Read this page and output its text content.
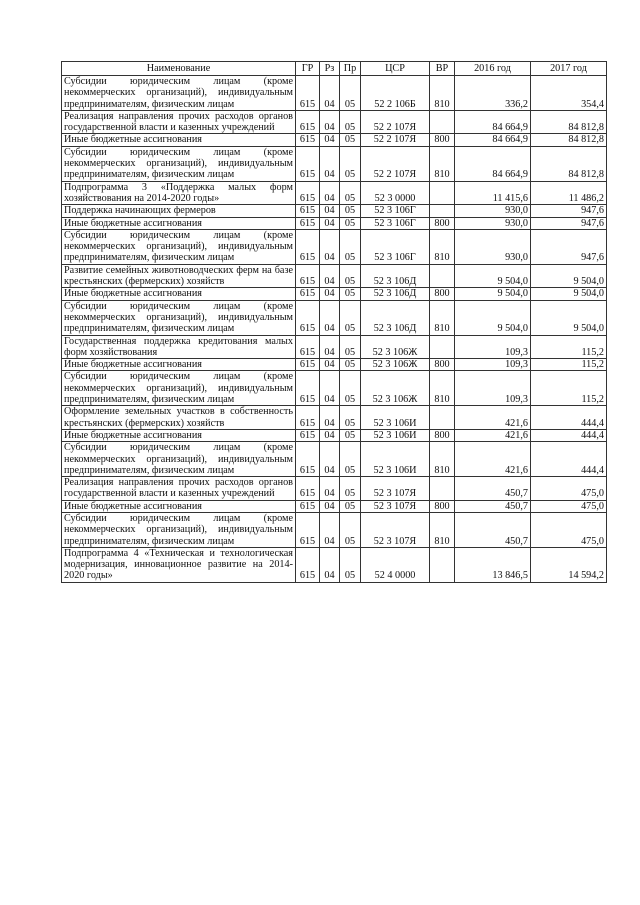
Наименование	ГР	Рз	Пр	ЦСР	ВР	2016 год	2017 год
Субсидии юридическим лицам (кроме некоммерческих организаций), индивидуальным предпринимателям, физическим лицам	615	04	05	52 2 106Б	810	336,2	354,4
Реализация направления прочих расходов органов государственной власти и казенных учреждений	615	04	05	52 2 107Я		84 664,9	84 812,8
Иные бюджетные ассигнования	615	04	05	52 2 107Я	800	84 664,9	84 812,8
Субсидии юридическим лицам (кроме некоммерческих организаций), индивидуальным предпринимателям, физическим лицам	615	04	05	52 2 107Я	810	84 664,9	84 812,8
Подпрограмма 3 «Поддержка малых форм хозяйствования на 2014-2020 годы»	615	04	05	52 3 0000		11 415,6	11 486,2
Поддержка начинающих фермеров	615	04	05	52 3 106Г		930,0	947,6
Иные бюджетные ассигнования	615	04	05	52 3 106Г	800	930,0	947,6
Субсидии юридическим лицам (кроме некоммерческих организаций), индивидуальным предпринимателям, физическим лицам	615	04	05	52 3 106Г	810	930,0	947,6
Развитие семейных животноводческих ферм на базе крестьянских (фермерских) хозяйств	615	04	05	52 3 106Д		9 504,0	9 504,0
Иные бюджетные ассигнования	615	04	05	52 3 106Д	800	9 504,0	9 504,0
Субсидии юридическим лицам (кроме некоммерческих организаций), индивидуальным предпринимателям, физическим лицам	615	04	05	52 3 106Д	810	9 504,0	9 504,0
Государственная поддержка кредитования малых форм хозяйствования	615	04	05	52 3 106Ж		109,3	115,2
Иные бюджетные ассигнования	615	04	05	52 3 106Ж	800	109,3	115,2
Субсидии юридическим лицам (кроме некоммерческих организаций), индивидуальным предпринимателям, физическим лицам	615	04	05	52 3 106Ж	810	109,3	115,2
Оформление земельных участков в собственность крестьянских (фермерских) хозяйств	615	04	05	52 3 106И		421,6	444,4
Иные бюджетные ассигнования	615	04	05	52 3 106И	800	421,6	444,4
Субсидии юридическим лицам (кроме некоммерческих организаций), индивидуальным предпринимателям, физическим лицам	615	04	05	52 3 106И	810	421,6	444,4
Реализация направления прочих расходов органов государственной власти и казенных учреждений	615	04	05	52 3 107Я		450,7	475,0
Иные бюджетные ассигнования	615	04	05	52 3 107Я	800	450,7	475,0
Субсидии юридическим лицам (кроме некоммерческих организаций), индивидуальным предпринимателям, физическим лицам	615	04	05	52 3 107Я	810	450,7	475,0
Подпрограмма 4 «Техническая и технологическая модернизация, инновационное развитие на 2014-2020 годы»	615	04	05	52 4 0000		13 846,5	14 594,2
